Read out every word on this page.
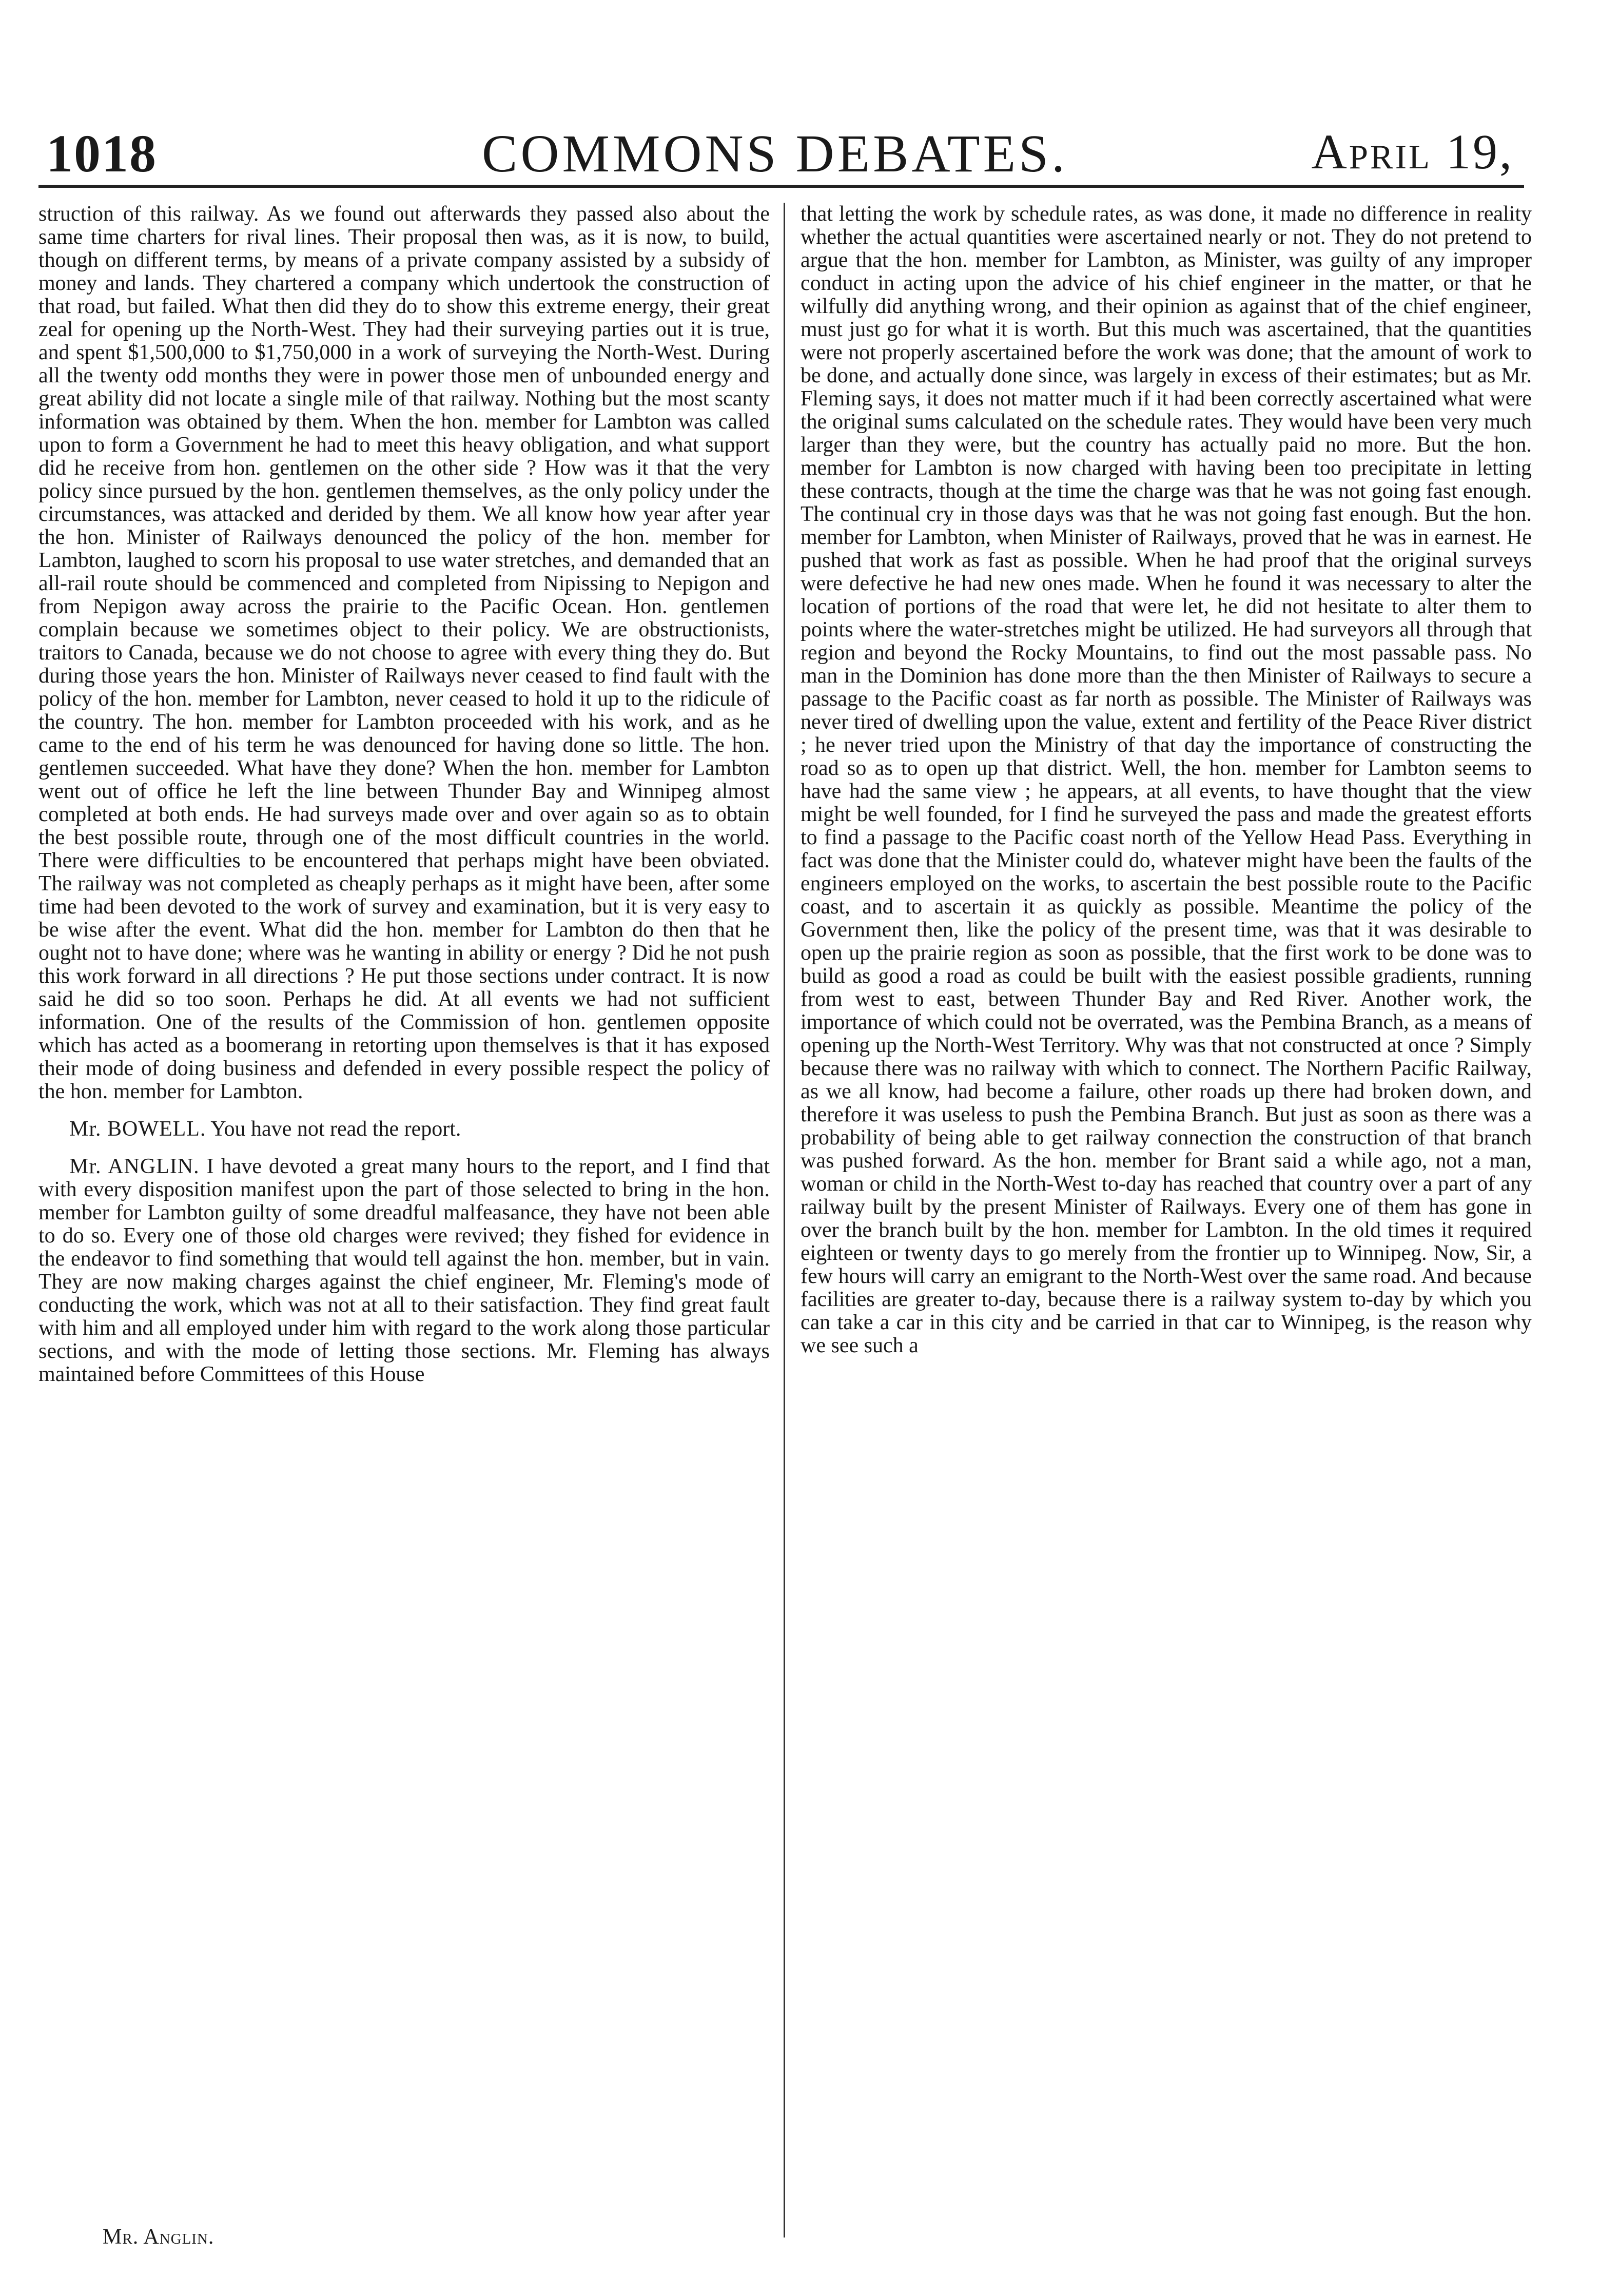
1018	COMMONS DEBATES.	April 19,

struction of this railway. As we found out afterwards they passed also about the same time charters for rival lines. Their proposal then was, as it is now, to build, though on different terms, by means of a private company assisted by a subsidy of money and lands. They chartered a company which undertook the construction of that road, but failed. What then did they do to show this extreme energy, their great zeal for opening up the North-West. They had their surveying parties out it is true, and spent $1,500,000 to $1,750,000 in a work of surveying the North-West. During all the twenty odd months they were in power those men of unbounded energy and great ability did not locate a single mile of that railway. Nothing but the most scanty information was obtained by them. When the hon. member for Lambton was called upon to form a Government he had to meet this heavy obligation, and what support did he receive from hon. gentlemen on the other side ? How was it that the very policy since pursued by the hon. gentlemen themselves, as the only policy under the circumstances, was attacked and derided by them. We all know how year after year the hon. Minister of Railways denounced the policy of the hon. member for Lambton, laughed to scorn his proposal to use water stretches, and demanded that an all-rail route should be commenced and completed from Nipissing to Nepigon and from Nepigon away across the prairie to the Pacific Ocean. Hon. gentlemen complain because we sometimes object to their policy. We are obstructionists, traitors to Canada, because we do not choose to agree with every thing they do. But during those years the hon. Minister of Railways never ceased to find fault with the policy of the hon. member for Lambton, never ceased to hold it up to the ridicule of the country. The hon. member for Lambton proceeded with his work, and as he came to the end of his term he was denounced for having done so little. The hon. gentlemen succeeded. What have they done? When the hon. member for Lambton went out of office he left the line between Thunder Bay and Winnipeg almost completed at both ends. He had surveys made over and over again so as to obtain the best possible route, through one of the most difficult countries in the world. There were difficulties to be encountered that perhaps might have been obviated. The railway was not completed as cheaply perhaps as it might have been, after some time had been devoted to the work of survey and examination, but it is very easy to be wise after the event. What did the hon. member for Lambton do then that he ought not to have done; where was he wanting in ability or energy ? Did he not push this work forward in all directions ? He put those sections under contract. It is now said he did so too soon. Perhaps he did. At all events we had not sufficient information. One of the results of the Commission of hon. gentlemen opposite which has acted as a boomerang in retorting upon themselves is that it has exposed their mode of doing business and defended in every possible respect the policy of the hon. member for Lambton.

Mr. BOWELL. You have not read the report.

Mr. ANGLIN. I have devoted a great many hours to the report, and I find that with every disposition manifest upon the part of those selected to bring in the hon. member for Lambton guilty of some dreadful malfeasance, they have not been able to do so. Every one of those old charges were revived; they fished for evidence in the endeavor to find something that would tell against the hon. member, but in vain. They are now making charges against the chief engineer, Mr. Fleming's mode of conducting the work, which was not at all to their satisfaction. They find great fault with him and all employed under him with regard to the work along those particular sections, and with the mode of letting those sections. Mr. Fleming has always maintained before Committees of this House

that letting the work by schedule rates, as was done, it made no difference in reality whether the actual quantities were ascertained nearly or not. They do not pretend to argue that the hon. member for Lambton, as Minister, was guilty of any improper conduct in acting upon the advice of his chief engineer in the matter, or that he wilfully did anything wrong, and their opinion as against that of the chief engineer, must just go for what it is worth. But this much was ascertained, that the quantities were not properly ascertained before the work was done; that the amount of work to be done, and actually done since, was largely in excess of their estimates; but as Mr. Fleming says, it does not matter much if it had been correctly ascertained what were the original sums calculated on the schedule rates. They would have been very much larger than they were, but the country has actually paid no more. But the hon. member for Lambton is now charged with having been too precipitate in letting these contracts, though at the time the charge was that he was not going fast enough. The continual cry in those days was that he was not going fast enough. But the hon. member for Lambton, when Minister of Railways, proved that he was in earnest. He pushed that work as fast as possible. When he had proof that the original surveys were defective he had new ones made. When he found it was necessary to alter the location of portions of the road that were let, he did not hesitate to alter them to points where the water-stretches might be utilized. He had surveyors all through that region and beyond the Rocky Mountains, to find out the most passable pass. No man in the Dominion has done more than the then Minister of Railways to secure a passage to the Pacific coast as far north as possible. The Minister of Railways was never tired of dwelling upon the value, extent and fertility of the Peace River district ; he never tried upon the Ministry of that day the importance of constructing the road so as to open up that district. Well, the hon. member for Lambton seems to have had the same view ; he appears, at all events, to have thought that the view might be well founded, for I find he surveyed the pass and made the greatest efforts to find a passage to the Pacific coast north of the Yellow Head Pass. Everything in fact was done that the Minister could do, whatever might have been the faults of the engineers employed on the works, to ascertain the best possible route to the Pacific coast, and to ascertain it as quickly as possible. Meantime the policy of the Government then, like the policy of the present time, was that it was desirable to open up the prairie region as soon as possible, that the first work to be done was to build as good a road as could be built with the easiest possible gradients, running from west to east, between Thunder Bay and Red River. Another work, the importance of which could not be overrated, was the Pembina Branch, as a means of opening up the North-West Territory. Why was that not constructed at once ? Simply because there was no railway with which to connect. The Northern Pacific Railway, as we all know, had become a failure, other roads up there had broken down, and therefore it was useless to push the Pembina Branch. But just as soon as there was a probability of being able to get railway connection the construction of that branch was pushed forward. As the hon. member for Brant said a while ago, not a man, woman or child in the North-West to-day has reached that country over a part of any railway built by the present Minister of Railways. Every one of them has gone in over the branch built by the hon. member for Lambton. In the old times it required eighteen or twenty days to go merely from the frontier up to Winnipeg. Now, Sir, a few hours will carry an emigrant to the North-West over the same road. And because facilities are greater to-day, because there is a railway system to-day by which you can take a car in this city and be carried in that car to Winnipeg, is the reason why we see such a

Mr. Anglin.
